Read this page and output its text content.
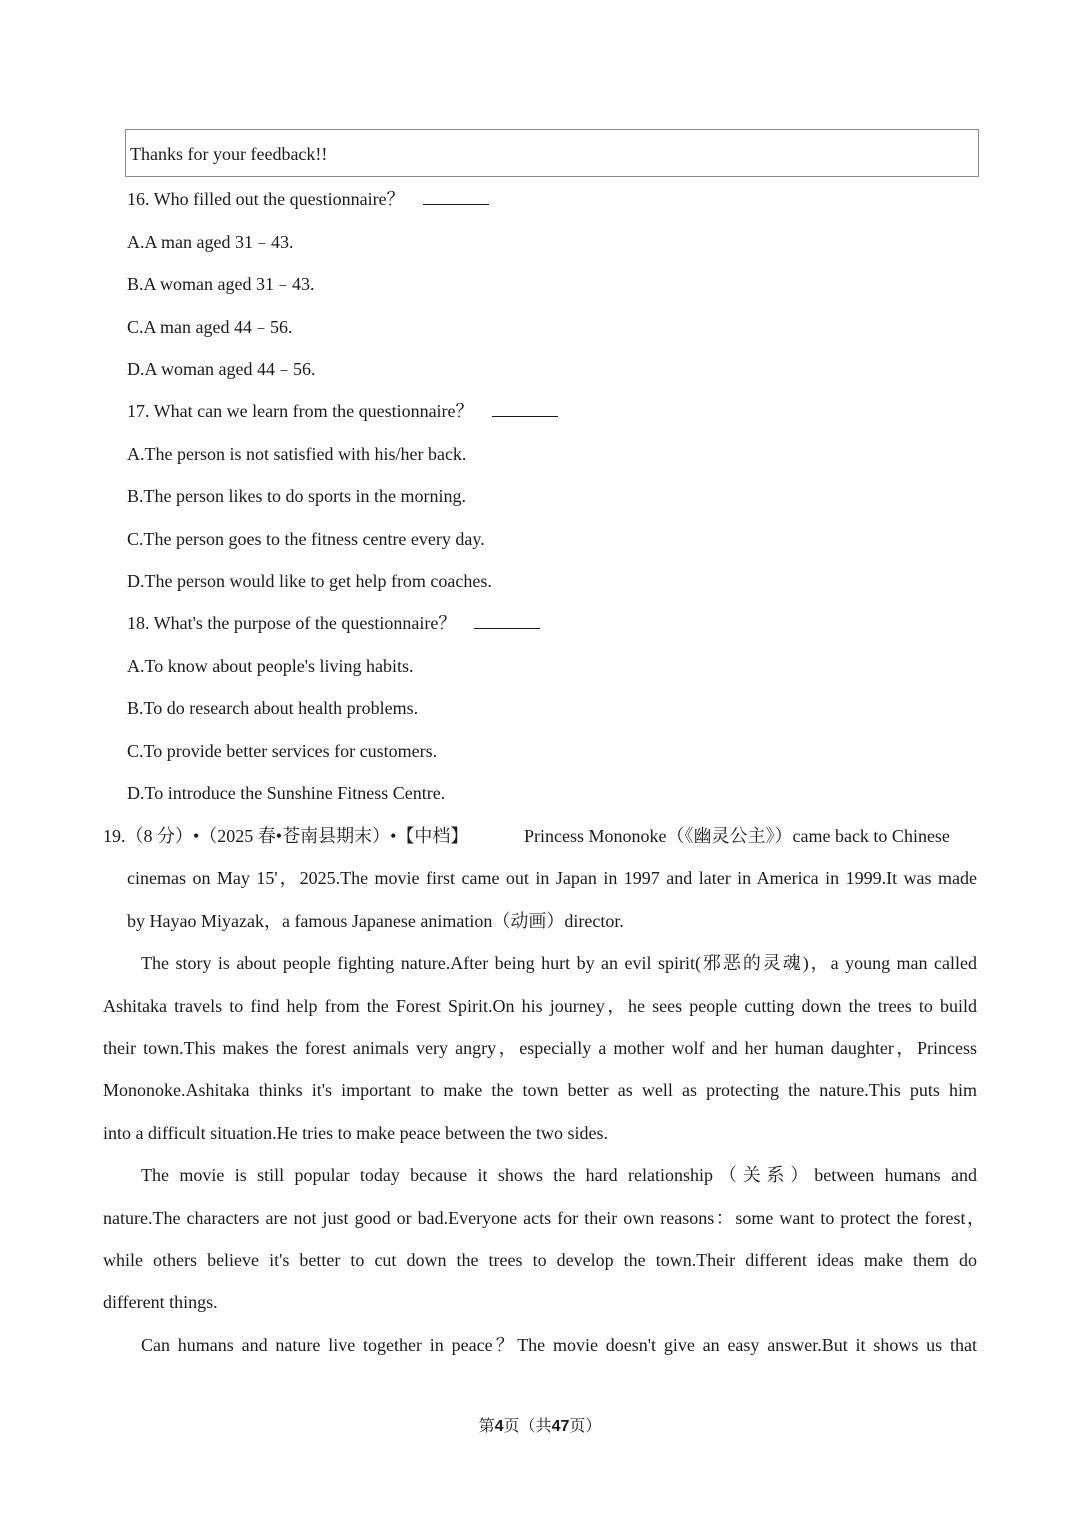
Thanks for your feedback!!
16. Who filled out the questionnaire？
A.A man aged 31﹣43.
B.A woman aged 31﹣43.
C.A man aged 44﹣56.
D.A woman aged 44﹣56.
17. What can we learn from the questionnaire？
A.The person is not satisfied with his/her back.
B.The person likes to do sports in the morning.
C.The person goes to the fitness centre every day.
D.The person would like to get help from coaches.
18. What's the purpose of the questionnaire？
A.To know about people's living habits.
B.To do research about health problems.
C.To provide better services for customers.
D.To introduce the Sunshine Fitness Centre.
19.（8 分）•（2025 春•苍南县期末）•【中档】	Princess Mononoke（《幽灵公主》）came back to Chinese
cinemas on May 15'，2025.The movie first came out in Japan in 1997 and later in America in 1999.It was made
by Hayao Miyazak，a famous Japanese animation（动画）director.
The story is about people fighting nature.After being hurt by an evil spirit(邪恶的灵魂)，a young man called
Ashitaka travels to find help from the Forest Spirit.On his journey，he sees people cutting down the trees to build
their town.This makes the forest animals very angry，especially a mother wolf and her human daughter，Princess
Mononoke.Ashitaka thinks it's important to make the town better as well as protecting the nature.This puts him
into a difficult situation.He tries to make peace between the two sides.
The movie is still popular today because it shows the hard relationship（关系）between humans and
nature.The characters are not just good or bad.Everyone acts for their own reasons：some want to protect the forest，
while others believe it's better to cut down the trees to develop the town.Their different ideas make them do
different things.
Can humans and nature live together in peace？The movie doesn't give an easy answer.But it shows us that
第4页（共47页）
